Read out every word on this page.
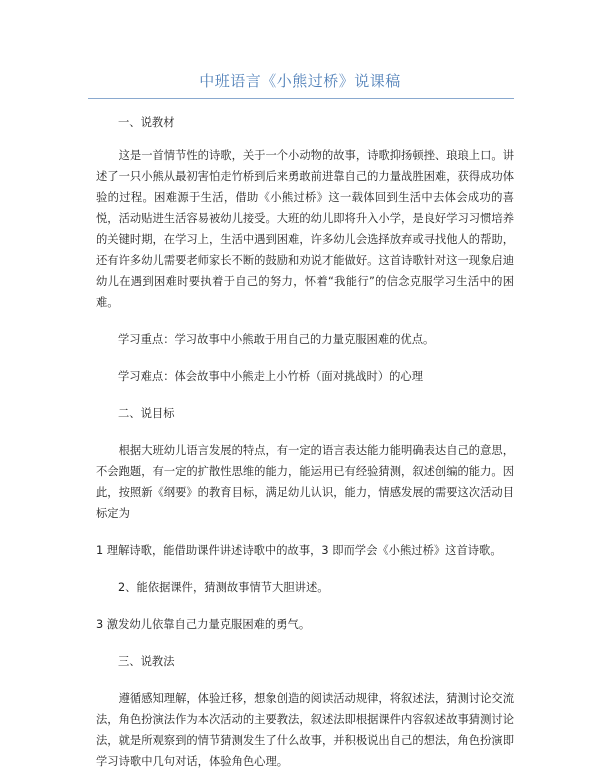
中班语言《小熊过桥》说课稿

一、说教材

这是一首情节性的诗歌，关于一个小动物的故事，诗歌抑扬顿挫、琅琅上口。讲述了一只小熊从最初害怕走竹桥到后来勇敢前进靠自己的力量战胜困难，获得成功体验的过程。困难源于生活，借助《小熊过桥》这一载体回到生活中去体会成功的喜悦，活动贴进生活容易被幼儿接受。大班的幼儿即将升入小学，是良好学习习惯培养的关键时期，在学习上，生活中遇到困难，许多幼儿会选择放弃或寻找他人的帮助，还有许多幼儿需要老师家长不断的鼓励和劝说才能做好。这首诗歌针对这一现象启迪幼儿在遇到困难时要执着于自己的努力，怀着“我能行”的信念克服学习生活中的困难。

学习重点：学习故事中小熊敢于用自己的力量克服困难的优点。

学习难点：体会故事中小熊走上小竹桥（面对挑战时）的心理

二、说目标

根据大班幼儿语言发展的特点，有一定的语言表达能力能明确表达自己的意思，不会跑题，有一定的扩散性思维的能力，能运用已有经验猜测，叙述创编的能力。因此，按照新《纲要》的教育目标，满足幼儿认识，能力，情感发展的需要这次活动目标定为

1 理解诗歌，能借助课件讲述诗歌中的故事，3 即而学会《小熊过桥》这首诗歌。

2、能依据课件，猜测故事情节大胆讲述。

3 激发幼儿依靠自己力量克服困难的勇气。

三、说教法

遵循感知理解，体验迁移，想象创造的阅读活动规律，将叙述法，猜测讨论交流法，角色扮演法作为本次活动的主要教法，叙述法即根据课件内容叙述故事猜测讨论法，就是所观察到的情节猜测发生了什么故事，并积极说出自己的想法，角色扮演即学习诗歌中几句对话，体验角色心理。
